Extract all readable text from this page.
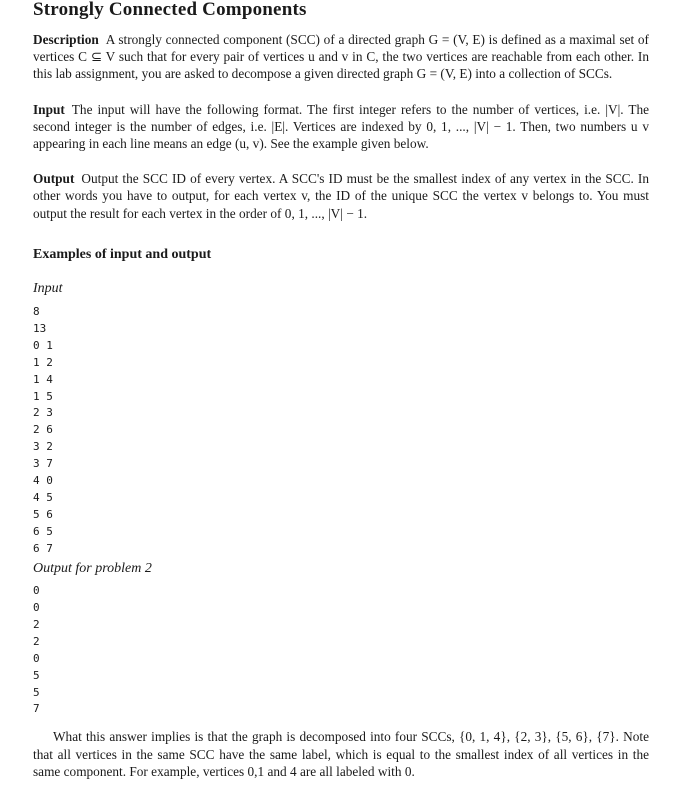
Strongly Connected Components

Description A strongly connected component (SCC) of a directed graph G = (V, E) is defined as a maximal set of vertices C ⊆ V such that for every pair of vertices u and v in C, the two vertices are reachable from each other. In this lab assignment, you are asked to decompose a given directed graph G = (V, E) into a collection of SCCs.

Input The input will have the following format. The first integer refers to the number of vertices, i.e. |V|. The second integer is the number of edges, i.e. |E|. Vertices are indexed by 0, 1, ..., |V| − 1. Then, two numbers u v appearing in each line means an edge (u, v). See the example given below.

Output Output the SCC ID of every vertex. A SCC's ID must be the smallest index of any vertex in the SCC. In other words you have to output, for each vertex v, the ID of the unique SCC the vertex v belongs to. You must output the result for each vertex in the order of 0, 1, ..., |V| − 1.

Examples of input and output

Input

8
13
0 1
1 2
1 4
1 5
2 3
2 6
3 2
3 7
4 0
4 5
5 6
6 5
6 7

Output for problem 2

0
0
2
2
0
5
5
7

What this answer implies is that the graph is decomposed into four SCCs, {0, 1, 4}, {2, 3}, {5, 6}, {7}. Note that all vertices in the same SCC have the same label, which is equal to the smallest index of all vertices in the same component. For example, vertices 0,1 and 4 are all labeled with 0.
